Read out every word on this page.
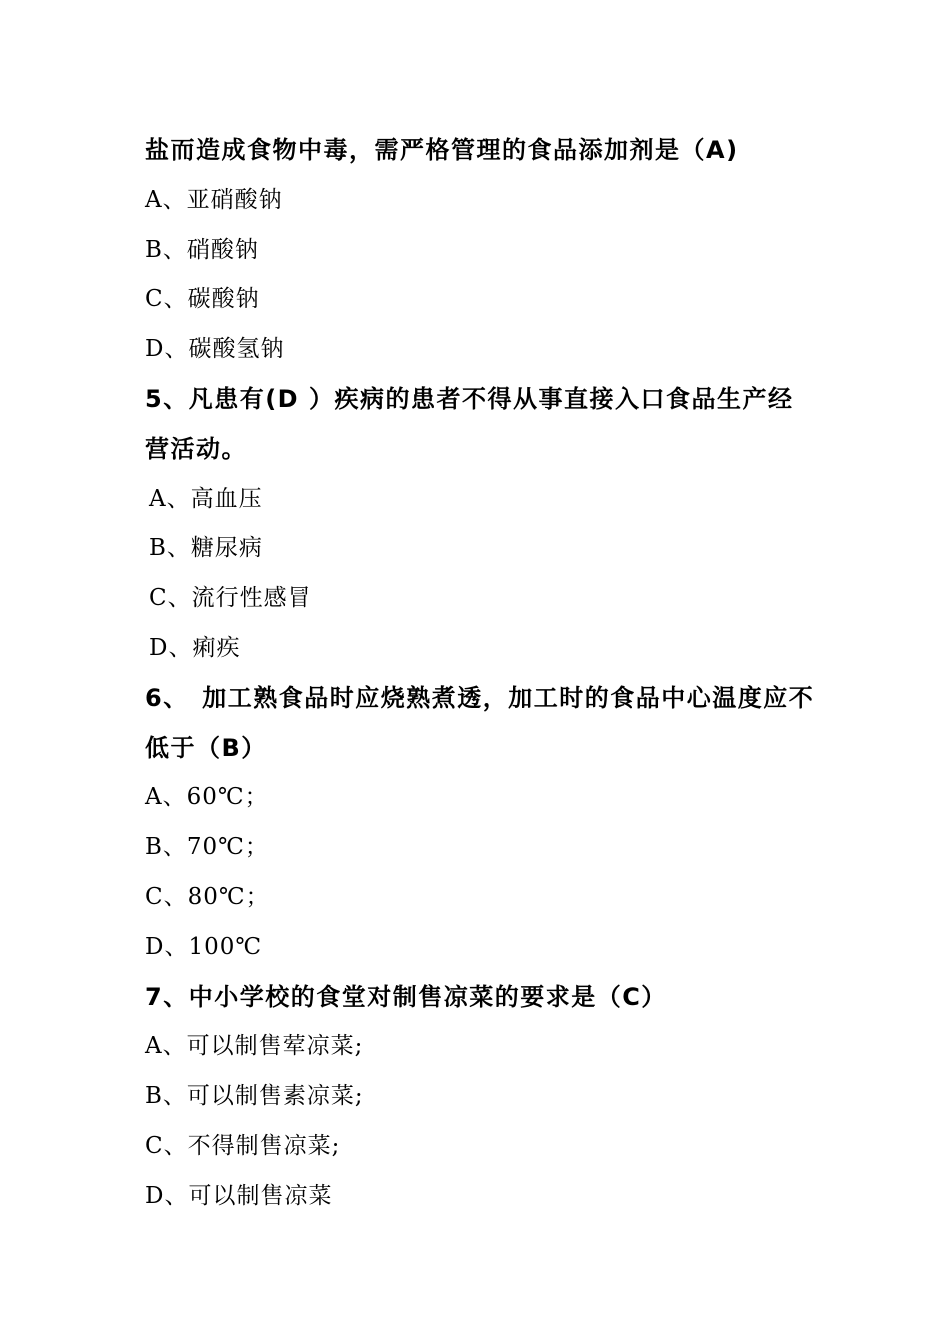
盐而造成食物中毒，需严格管理的食品添加剂是（A)
A、亚硝酸钠
B、硝酸钠
C、碳酸钠
D、碳酸氢钠
5、凡患有(D ）疾病的患者不得从事直接入口食品生产经
营活动。
A、高血压
B、糖尿病
C、流行性感冒
D、痢疾
6、　加工熟食品时应烧熟煮透，加工时的食品中心温度应不
低于（B）
A、60℃；
B、70℃；
C、80℃；
D、100℃
7、中小学校的食堂对制售凉菜的要求是（C）
A、可以制售荤凉菜;
B、可以制售素凉菜;
C、不得制售凉菜;
D、可以制售凉菜
